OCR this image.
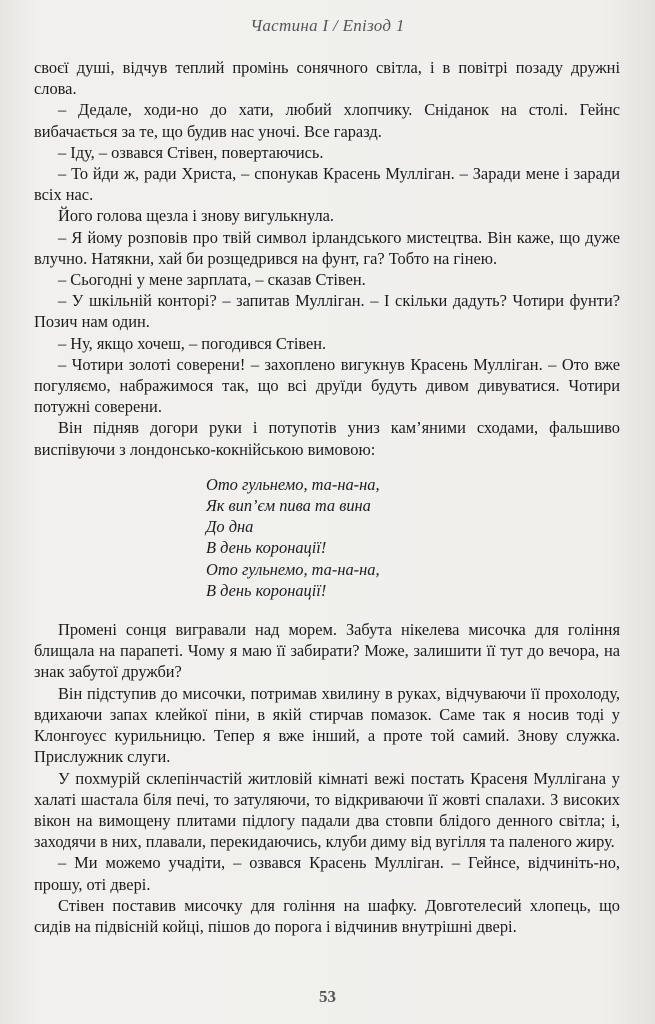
Частина I / Епізод 1

своєї душі, відчув теплий промінь сонячного світла, і в повітрі позаду дружні слова.

– Дедале, ходи-но до хати, любий хлопчику. Сніданок на столі. Гейнс вибачається за те, що будив нас уночі. Все гаразд.

– Іду, – озвався Стівен, повертаючись.

– То йди ж, ради Христа, – спонукав Красень Мулліган. – Заради мене і заради всіх нас.

Його голова щезла і знову вигулькнула.

– Я йому розповів про твій символ ірландського мистецтва. Він каже, що дуже влучно. Натякни, хай би розщедрився на фунт, га? Тобто на гінею.

– Сьогодні у мене зарплата, – сказав Стівен.

– У шкільній конторі? – запитав Мулліган. – І скільки дадуть? Чотири фунти? Позич нам один.

– Ну, якщо хочеш, – погодився Стівен.

– Чотири золоті соверени! – захоплено вигукнув Красень Мулліган. – Ото вже погуляємо, набражимося так, що всі друїди будуть дивом дивуватися. Чотири потужні соверени.

Він підняв догори руки і потупотів униз кам’яними сходами, фальшиво виспівуючи з лондонсько-кокнійською вимовою:

Ото гульнемо, та-на-на,
Як вип’єм пива та вина
До дна
В день коронації!
Ото гульнемо, та-на-на,
В день коронації!

Промені сонця вигравали над морем. Забута нікелева мисочка для гоління блищала на парапеті. Чому я маю її забирати? Може, залишити її тут до вечора, на знак забутої дружби?

Він підступив до мисочки, потримав хвилину в руках, відчуваючи її прохолоду, вдихаючи запах клейкої піни, в якій стирчав помазок. Саме так я носив тоді у Клонгоуєс курильницю. Тепер я вже інший, а проте той самий. Знову служка. Прислужник слуги.

У похмурій склепінчастій житловій кімнаті вежі постать Красеня Муллігана у халаті шастала біля печі, то затуляючи, то відкриваючи її жовті спалахи. З високих вікон на вимощену плитами підлогу падали два стовпи блідого денного світла; і, заходячи в них, плавали, перекидаючись, клуби диму від вугілля та паленого жиру.

– Ми можемо учадіти, – озвався Красень Мулліган. – Гейнсе, відчиніть-но, прошу, оті двері.

Стівен поставив мисочку для гоління на шафку. Довготелесий хлопець, що сидів на підвісній койці, пішов до порога і відчинив внутрішні двері.

53
